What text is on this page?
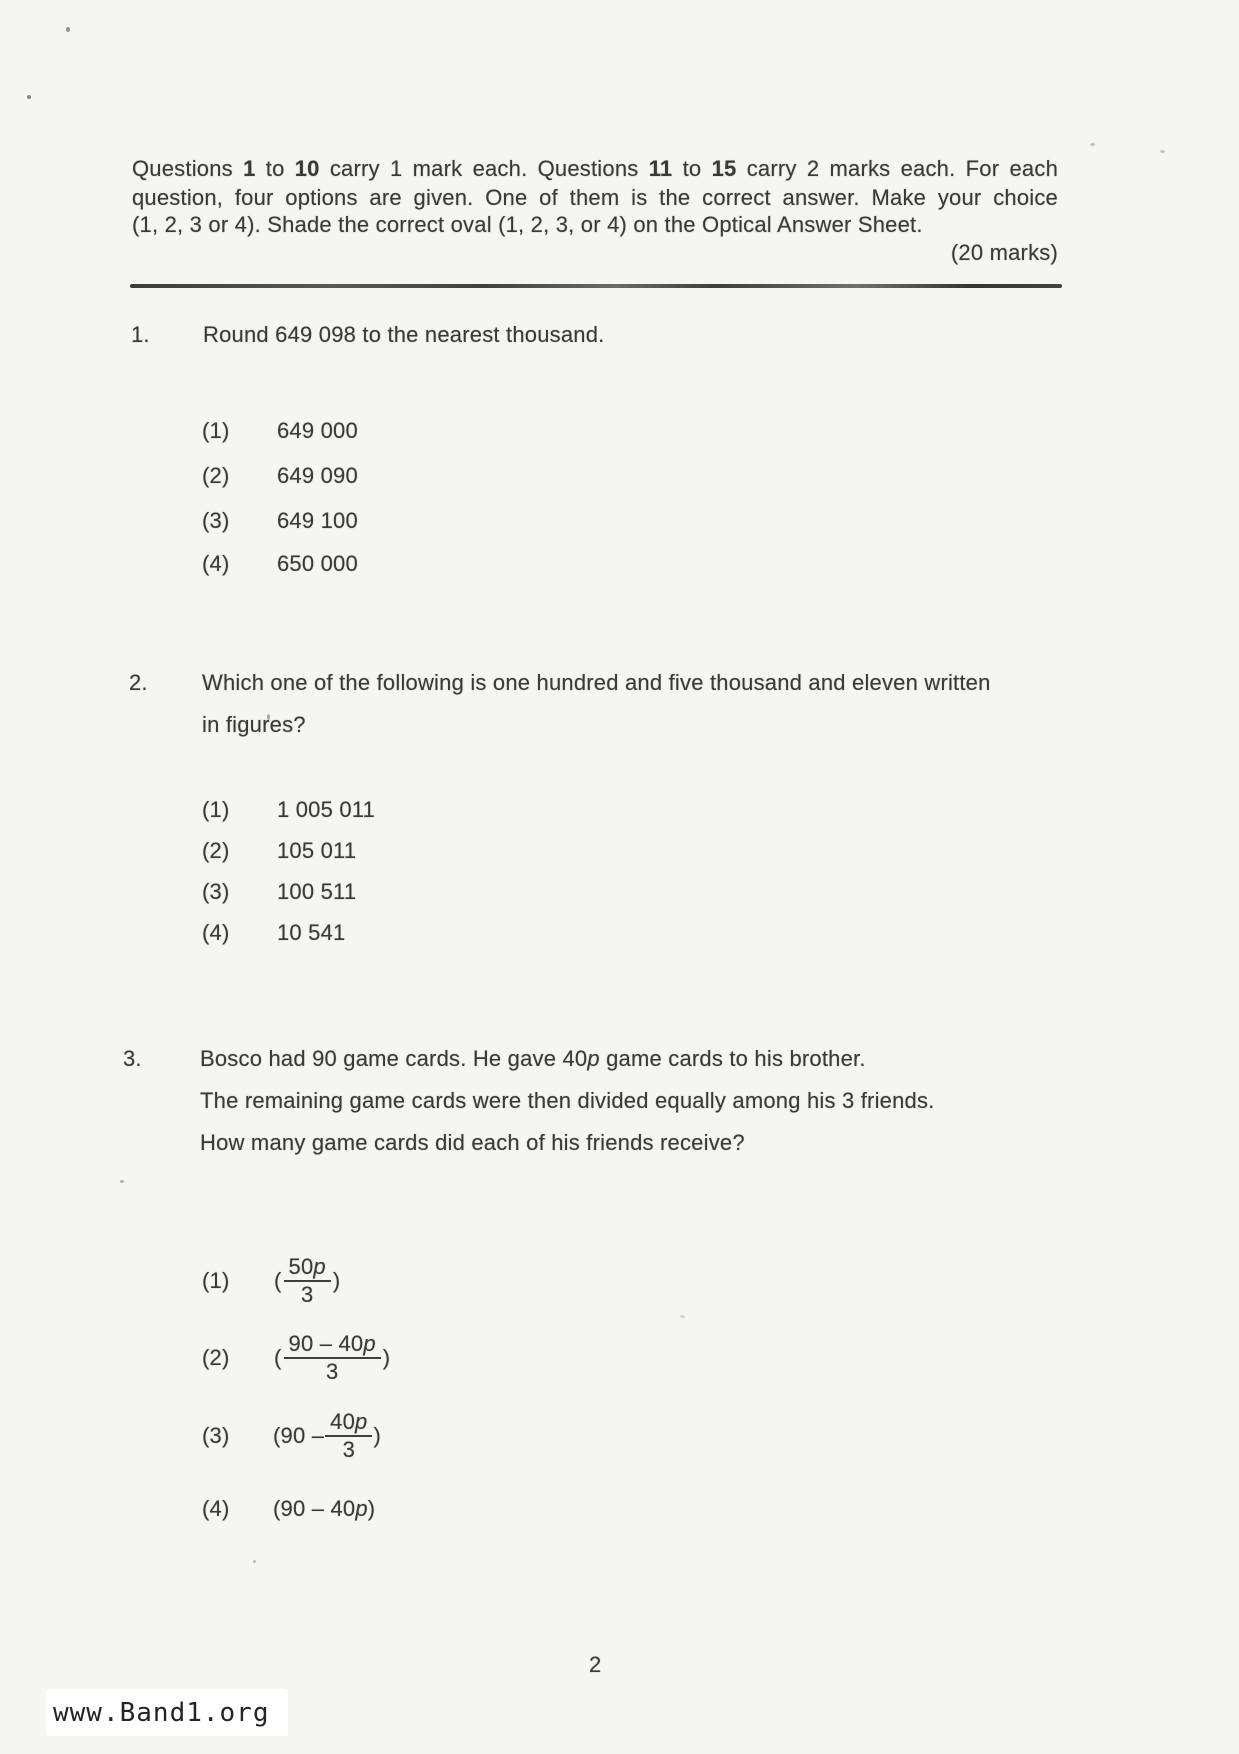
Questions 1 to 10 carry 1 mark each. Questions 11 to 15 carry 2 marks each. For each
question, four options are given. One of them is the correct answer. Make your choice
(1, 2, 3 or 4). Shade the correct oval (1, 2, 3, or 4) on the Optical Answer Sheet.
(20 marks)
1. Round 649 098 to the nearest thousand.
(1) 649 000
(2) 649 090
(3) 649 100
(4) 650 000
2. Which one of the following is one hundred and five thousand and eleven written
in figures?
(1) 1 005 011
(2) 105 011
(3) 100 511
(4) 10 541
3.	Bosco had 90 game cards. He gave 40p game cards to his brother.
The remaining game cards were then divided equally among his 3 friends.
How many game cards did each of his friends receive?
(1)	( $\frac{50p}{3}$ )
(2)	( $\frac{90 - 40p}{3}$ )
(3)	($90 - \frac{40p}{3}$ )
(4) (90 – 40p)
2
www.Band1.org
